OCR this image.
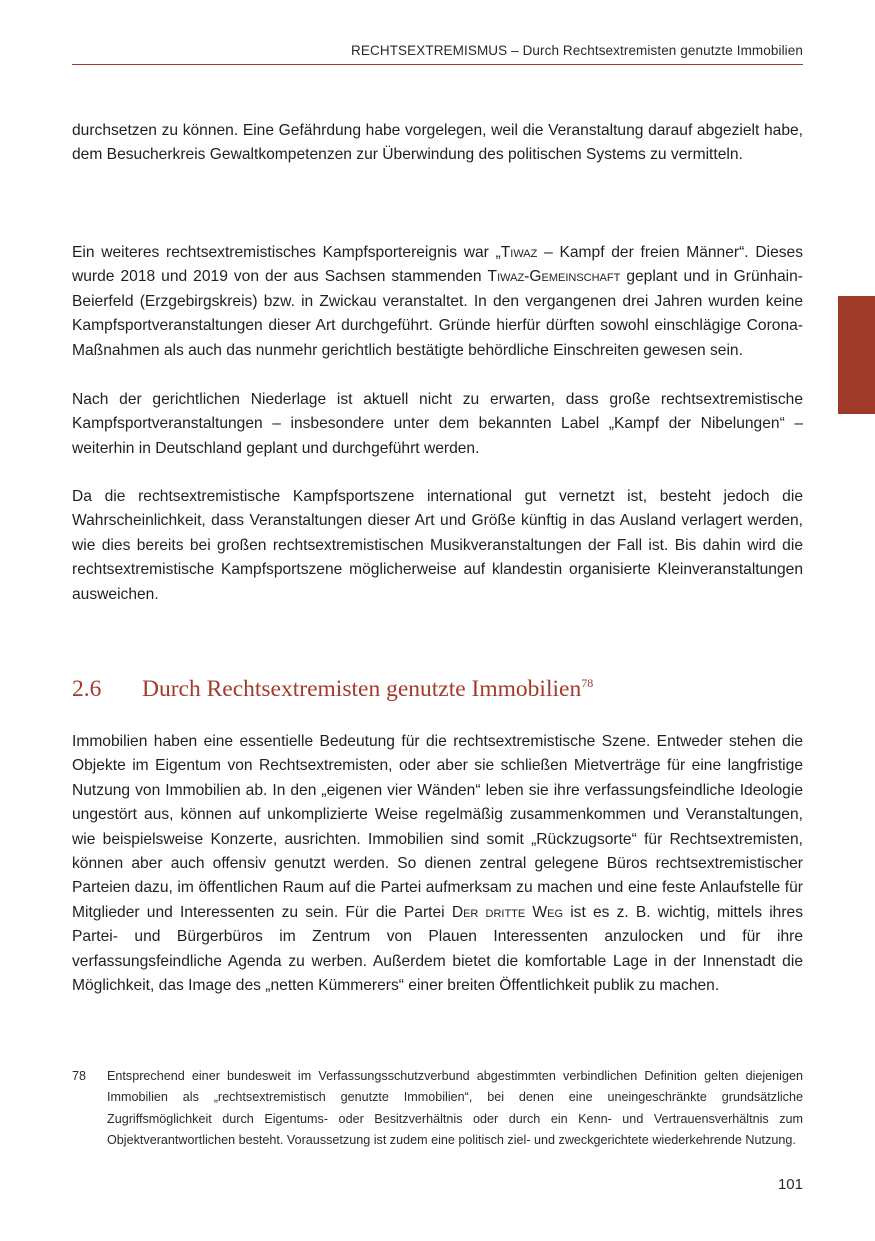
RECHTSEXTREMISMUS – Durch Rechtsextremisten genutzte Immobilien

durchsetzen zu können. Eine Gefährdung habe vorgelegen, weil die Veranstaltung darauf abgezielt habe, dem Besucherkreis Gewaltkompetenzen zur Überwindung des politischen Systems zu vermitteln.

Ein weiteres rechtsextremistisches Kampfsportereignis war „Tiwaz – Kampf der freien Männer“. Dieses wurde 2018 und 2019 von der aus Sachsen stammenden Tiwaz-Gemeinschaft geplant und in Grünhain-Beierfeld (Erzgebirgskreis) bzw. in Zwickau veranstaltet. In den vergangenen drei Jahren wurden keine Kampfsportveranstaltungen dieser Art durchgeführt. Gründe hierfür dürften sowohl einschlägige Corona-Maßnahmen als auch das nunmehr gerichtlich bestätigte behördliche Einschreiten gewesen sein.

Nach der gerichtlichen Niederlage ist aktuell nicht zu erwarten, dass große rechtsextremistische Kampfsportveranstaltungen – insbesondere unter dem bekannten Label „Kampf der Nibelungen“ – weiterhin in Deutschland geplant und durchgeführt werden.

Da die rechtsextremistische Kampfsportszene international gut vernetzt ist, besteht jedoch die Wahrscheinlichkeit, dass Veranstaltungen dieser Art und Größe künftig in das Ausland verlagert werden, wie dies bereits bei großen rechtsextremistischen Musikveranstaltungen der Fall ist. Bis dahin wird die rechtsextremistische Kampfsportszene möglicherweise auf klandestin organisierte Kleinveranstaltungen ausweichen.

2.6 Durch Rechtsextremisten genutzte Immobilien$^{78}$

Immobilien haben eine essentielle Bedeutung für die rechtsextremistische Szene. Entweder stehen die Objekte im Eigentum von Rechtsextremisten, oder aber sie schließen Mietverträge für eine langfristige Nutzung von Immobilien ab. In den „eigenen vier Wänden“ leben sie ihre verfassungsfeindliche Ideologie ungestört aus, können auf unkomplizierte Weise regelmäßig zusammenkommen und Veranstaltungen, wie beispielsweise Konzerte, ausrichten. Immobilien sind somit „Rückzugsorte“ für Rechtsextremisten, können aber auch offensiv genutzt werden. So dienen zentral gelegene Büros rechtsextremistischer Parteien dazu, im öffentlichen Raum auf die Partei aufmerksam zu machen und eine feste Anlaufstelle für Mitglieder und Interessenten zu sein. Für die Partei Der dritte Weg ist es z. B. wichtig, mittels ihres Partei- und Bürgerbüros im Zentrum von Plauen Interessenten anzulocken und für ihre verfassungsfeindliche Agenda zu werben. Außerdem bietet die komfortable Lage in der Innenstadt die Möglichkeit, das Image des „netten Kümmerers“ einer breiten Öffentlichkeit publik zu machen.

78 Entsprechend einer bundesweit im Verfassungsschutzverbund abgestimmten verbindlichen Definition gelten diejenigen Immobilien als „rechtsextremistisch genutzte Immobilien“, bei denen eine uneingeschränkte grundsätzliche Zugriffsmöglichkeit durch Eigentums- oder Besitzverhältnis oder durch ein Kenn- und Vertrauensverhältnis zum Objektverantwortlichen besteht. Voraussetzung ist zudem eine politisch ziel- und zweckgerichtete wiederkehrende Nutzung.
101
